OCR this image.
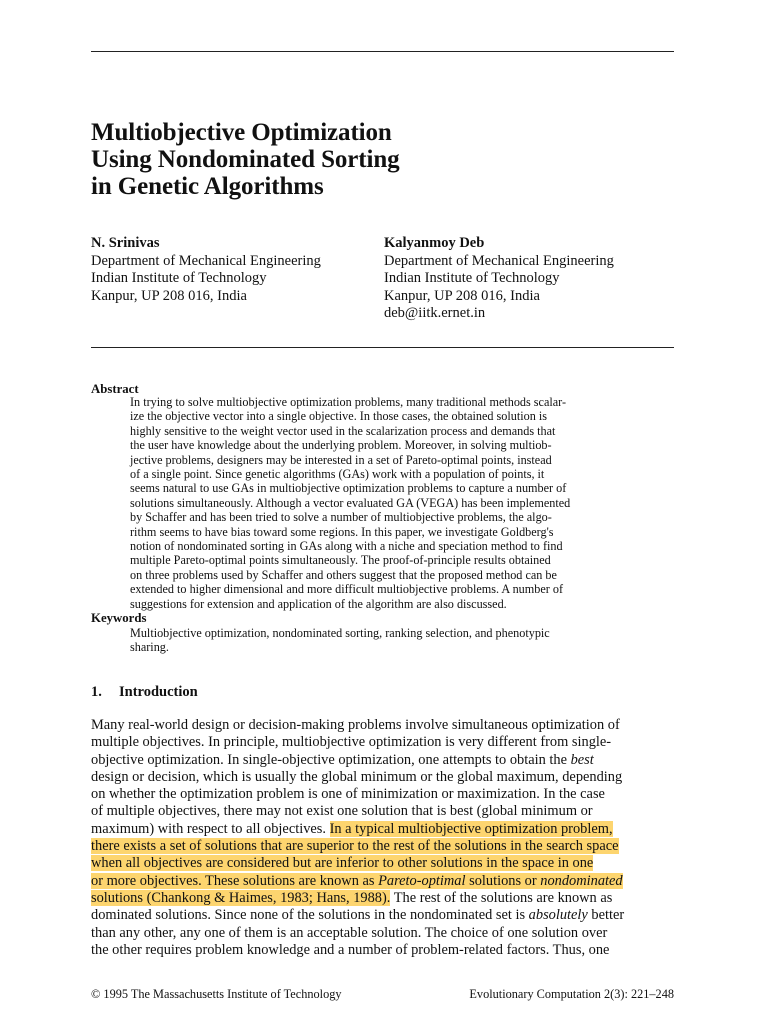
Multiobjective Optimization
Using Nondominated Sorting
in Genetic Algorithms
N. Srinivas
Department of Mechanical Engineering
Indian Institute of Technology
Kanpur, UP 208 016, India
Kalyanmoy Deb
Department of Mechanical Engineering
Indian Institute of Technology
Kanpur, UP 208 016, India
deb@iitk.ernet.in
Abstract
In trying to solve multiobjective optimization problems, many traditional methods scalar-
ize the objective vector into a single objective. In those cases, the obtained solution is
highly sensitive to the weight vector used in the scalarization process and demands that
the user have knowledge about the underlying problem. Moreover, in solving multiob-
jective problems, designers may be interested in a set of Pareto-optimal points, instead
of a single point. Since genetic algorithms (GAs) work with a population of points, it
seems natural to use GAs in multiobjective optimization problems to capture a number of
solutions simultaneously. Although a vector evaluated GA (VEGA) has been implemented
by Schaffer and has been tried to solve a number of multiobjective problems, the algo-
rithm seems to have bias toward some regions. In this paper, we investigate Goldberg's
notion of nondominated sorting in GAs along with a niche and speciation method to find
multiple Pareto-optimal points simultaneously. The proof-of-principle results obtained
on three problems used by Schaffer and others suggest that the proposed method can be
extended to higher dimensional and more difficult multiobjective problems. A number of
suggestions for extension and application of the algorithm are also discussed.
Keywords
Multiobjective optimization, nondominated sorting, ranking selection, and phenotypic
sharing.
1. Introduction
Many real-world design or decision-making problems involve simultaneous optimization of
multiple objectives. In principle, multiobjective optimization is very different from single-
objective optimization. In single-objective optimization, one attempts to obtain the best
design or decision, which is usually the global minimum or the global maximum, depending
on whether the optimization problem is one of minimization or maximization. In the case
of multiple objectives, there may not exist one solution that is best (global minimum or
maximum) with respect to all objectives. In a typical multiobjective optimization problem,
there exists a set of solutions that are superior to the rest of the solutions in the search space
when all objectives are considered but are inferior to other solutions in the space in one
or more objectives. These solutions are known as Pareto-optimal solutions or nondominated
solutions (Chankong & Haimes, 1983; Hans, 1988). The rest of the solutions are known as
dominated solutions. Since none of the solutions in the nondominated set is absolutely better
than any other, any one of them is an acceptable solution. The choice of one solution over
the other requires problem knowledge and a number of problem-related factors. Thus, one
© 1995 The Massachusetts Institute of Technology	Evolutionary Computation 2(3): 221–248
